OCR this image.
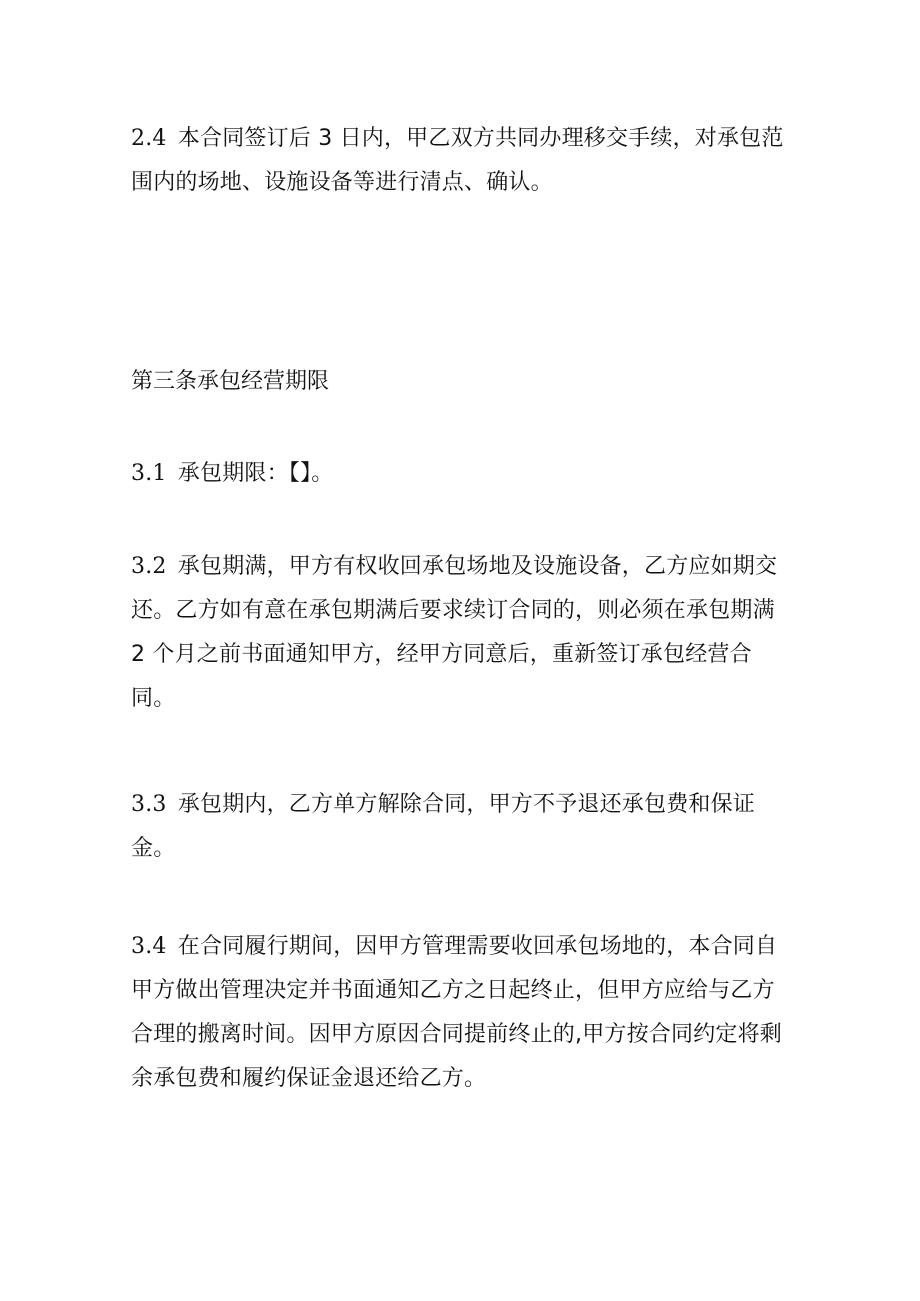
2.4 本合同签订后 3 日内，甲乙双方共同办理移交手续，对承包范围内的场地、设施设备等进行清点、确认。

第三条承包经营期限

3.1 承包期限：【】。

3.2 承包期满，甲方有权收回承包场地及设施设备，乙方应如期交还。乙方如有意在承包期满后要求续订合同的，则必须在承包期满 2 个月之前书面通知甲方，经甲方同意后，重新签订承包经营合同。

3.3 承包期内，乙方单方解除合同，甲方不予退还承包费和保证金。

3.4 在合同履行期间，因甲方管理需要收回承包场地的，本合同自甲方做出管理决定并书面通知乙方之日起终止，但甲方应给与乙方合理的搬离时间。因甲方原因合同提前终止的,甲方按合同约定将剩余承包费和履约保证金退还给乙方。
